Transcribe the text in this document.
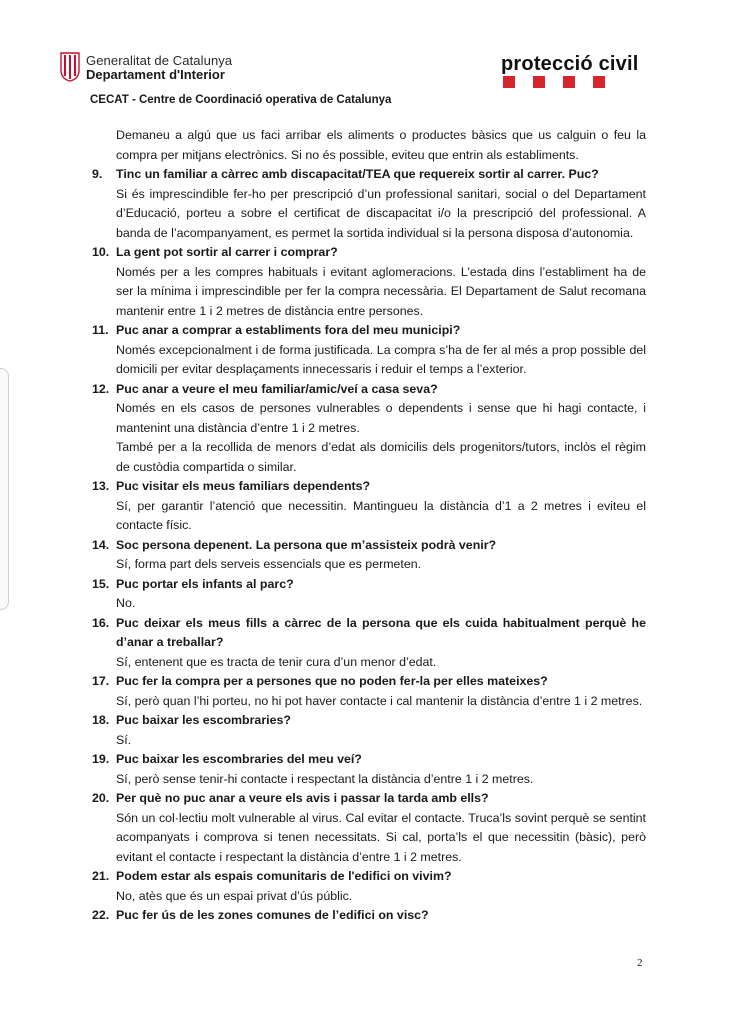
Generalitat de Catalunya
Departament d'Interior	protecció civil
CECAT - Centre de Coordinació operativa de Catalunya

Demaneu a algú que us faci arribar els aliments o productes bàsics que us calguin o feu la compra per mitjans electrònics. Si no és possible, eviteu que entrin als establiments.

9.	Tinc un familiar a càrrec amb discapacitat/TEA que requereix sortir al carrer. Puc?

Si és imprescindible fer-ho per prescripció d’un professional sanitari, social o del Departament d’Educació, porteu a sobre el certificat de discapacitat i/o la prescripció del professional. A banda de l’acompanyament, es permet la sortida individual si la persona disposa d’autonomia.

10. La gent pot sortir al carrer i comprar?

Només per a les compres habituals i evitant aglomeracions. L’estada dins l’establiment ha de ser la mínima i imprescindible per fer la compra necessària. El Departament de Salut recomana mantenir entre 1 i 2 metres de distància entre persones.

11. Puc anar a comprar a establiments fora del meu municipi?

Només excepcionalment i de forma justificada. La compra s’ha de fer al més a prop possible del domicili per evitar desplaçaments innecessaris i reduir el temps a l’exterior.

12. Puc anar a veure el meu familiar/amic/veí a casa seva?

Només en els casos de persones vulnerables o dependents i sense que hi hagi contacte, i mantenint una distància d’entre 1 i 2 metres.

També per a la recollida de menors d’edat als domicilis dels progenitors/tutors, inclòs el règim de custòdia compartida o similar.

13. Puc visitar els meus familiars dependents?

Sí, per garantir l’atenció que necessitin. Mantingueu la distància d’1 a 2 metres i eviteu el contacte físic.

14. Soc persona depenent. La persona que m’assisteix podrà venir?

Sí, forma part dels serveis essencials que es permeten.

15. Puc portar els infants al parc?

No.

16. Puc deixar els meus fills a càrrec de la persona que els cuida habitualment perquè he d’anar a treballar?

Sí, entenent que es tracta de tenir cura d’un menor d’edat.

17. Puc fer la compra per a persones que no poden fer-la per elles mateixes?

Sí, però quan l’hi porteu, no hi pot haver contacte i cal mantenir la distància d’entre 1 i 2 metres.

18. Puc baixar les escombraries?

Sí.

19. Puc baixar les escombraries del meu veí?

Sí, però sense tenir-hi contacte i respectant la distància d’entre 1 i 2 metres.

20. Per què no puc anar a veure els avis i passar la tarda amb ells?

Són un col·lectiu molt vulnerable al virus. Cal evitar el contacte. Truca’ls sovint perquè se sentint acompanyats i comprova si tenen necessitats. Si cal, porta’ls el que necessitin (bàsic), però evitant el contacte i respectant la distància d’entre 1 i 2 metres.

21. Podem estar als espais comunitaris de l'edifici on vivim?

No, atès que és un espai privat d’ús públic.

22. Puc fer ús de les zones comunes de l’edifici on visc?
2
